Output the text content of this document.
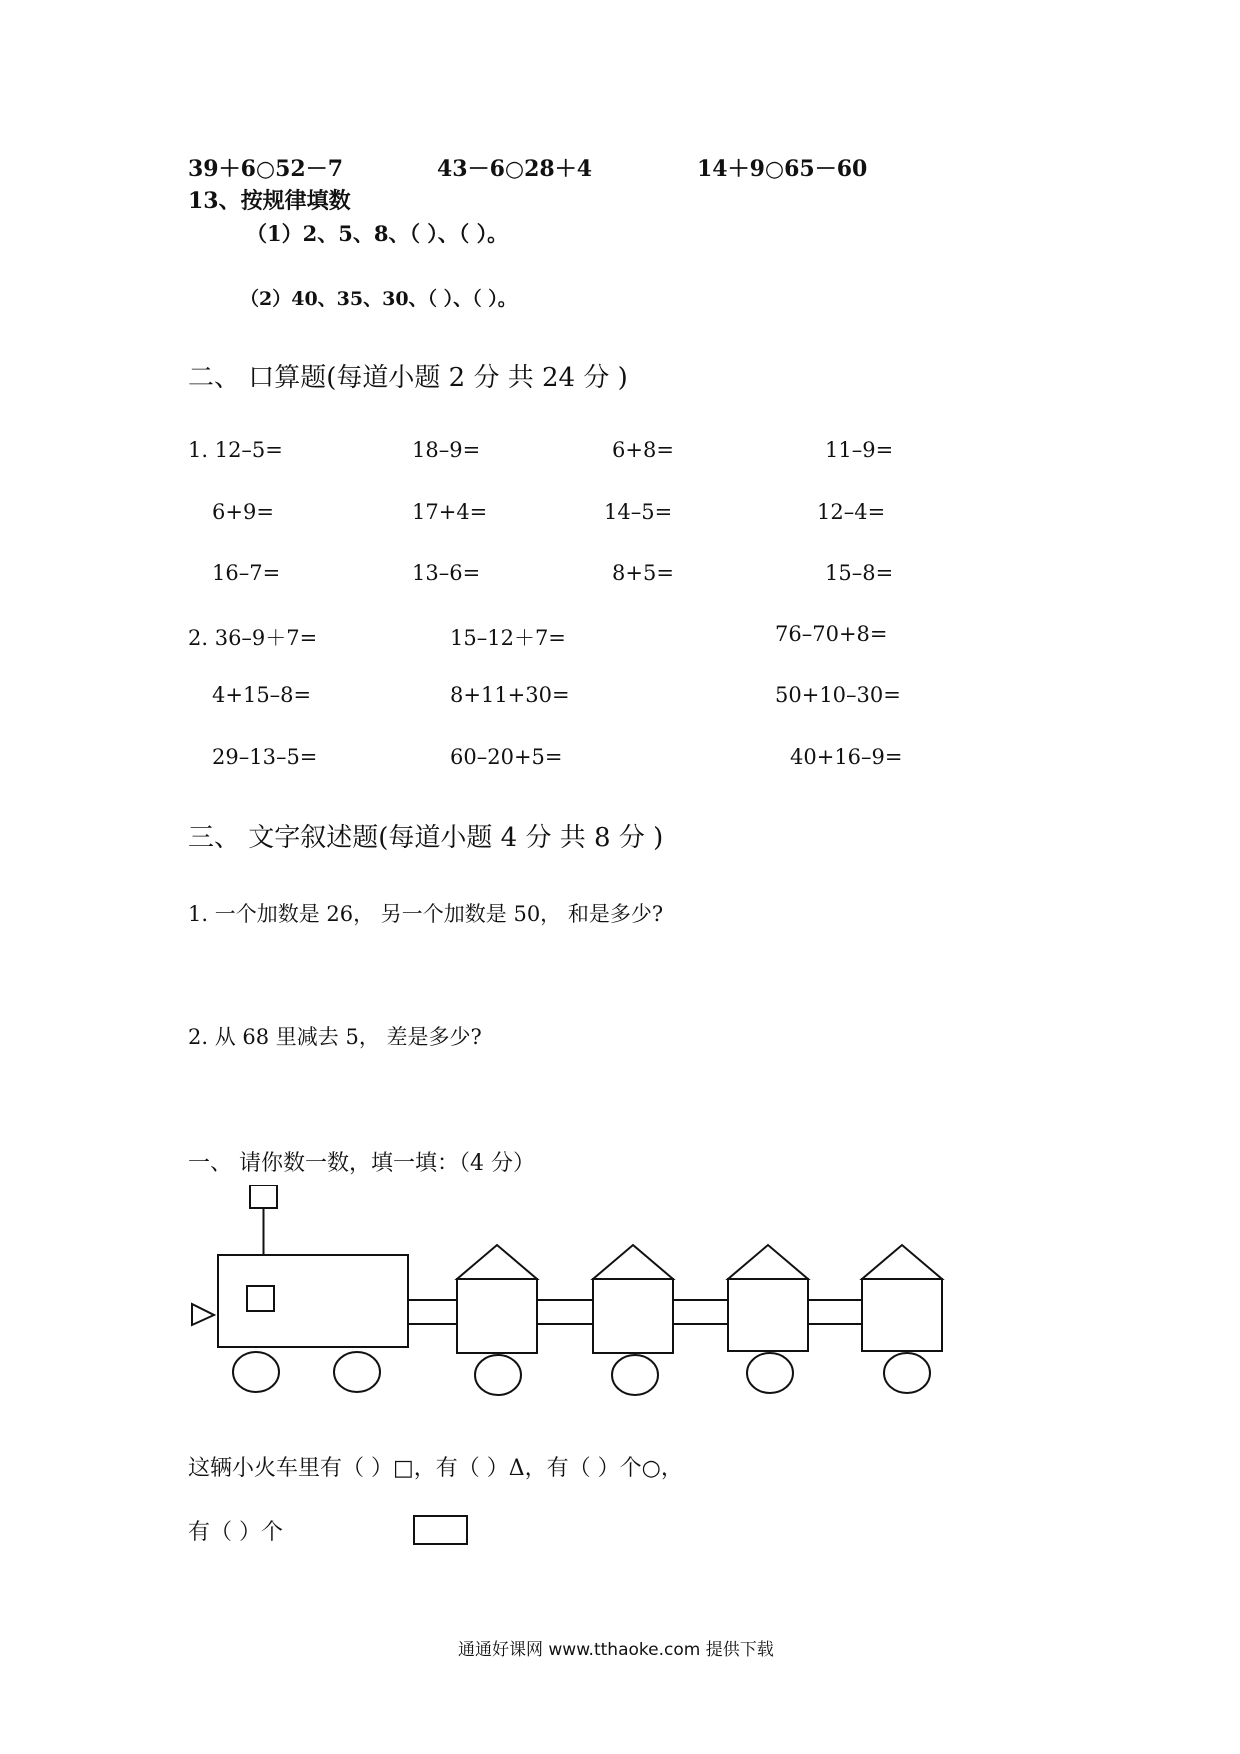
39＋6○52－7	43－6○28＋4	14＋9○65－60
13、按规律填数
（1）2、5、8、（ ）、（ ）。
（2）40、35、30、（ ）、（ ）。
二、 口算题(每道小题 2 分 共 24 分 )
1. 12–5=	18–9=	6+8=	11–9=
6+9=	17+4=	14–5=	12–4=
16–7=	13–6=	8+5=	15–8=
2. 36–9＋7=	15–12＋7=	76–70+8=
4+15–8=	8+11+30=	50+10–30=
29–13–5=	60–20+5=	40+16–9=
三、 文字叙述题(每道小题 4 分 共 8 分 )
1. 一个加数是 26， 另一个加数是 50， 和是多少?
2. 从 68 里减去 5， 差是多少?
一、 请你数一数，填一填：（4 分）
这辆小火车里有（ ）□，有（ ）Δ，有（ ）个○，
有（ ）个
通通好课网 www.tthaoke.com 提供下载
